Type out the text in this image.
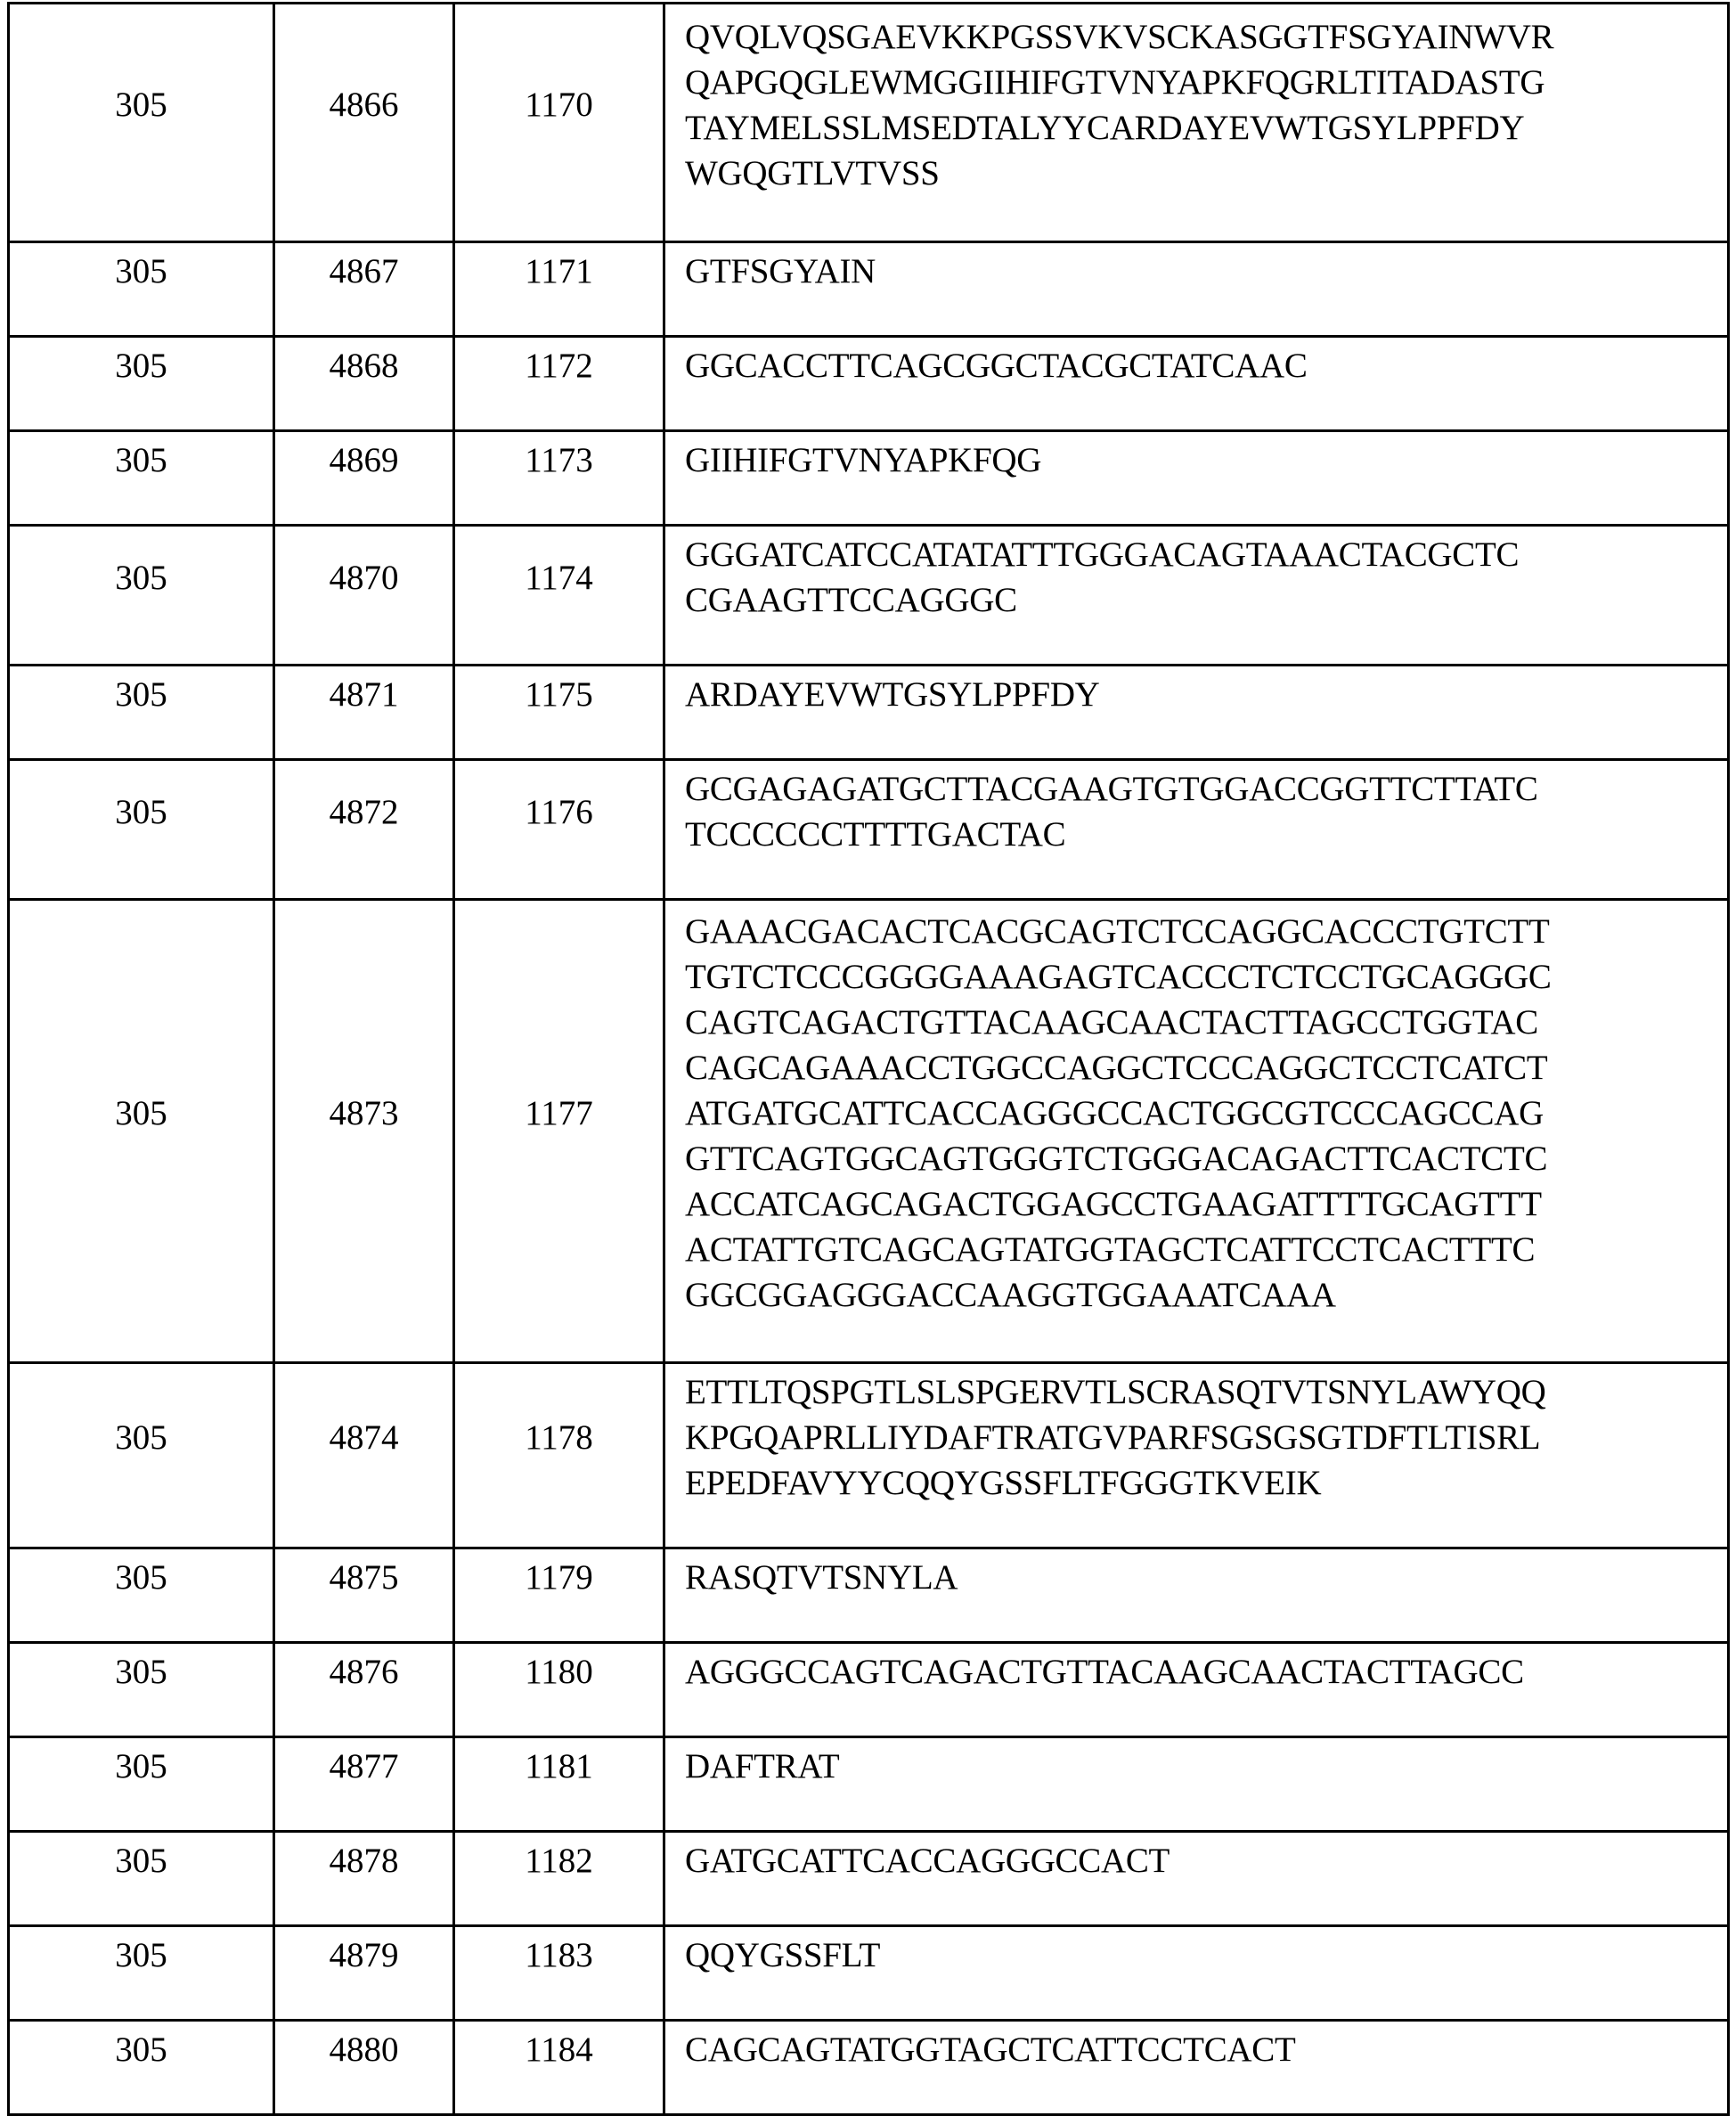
305	4866	1170	
QVQLVQSGAEVKKPGSSVKVSCKASGGTFSGYAINWVR
QAPGQGLEWMGGIIHIFGTVNYAPKFQGRLTITADASTG
TAYMELSSLMSEDTALYYCARDAYEVWTGSYLPPFDY
WGQGTLVTVSS

305	4867	1171	GTFSGYAIN

305	4868	1172	GGCACCTTCAGCGGCTACGCTATCAAC

305	4869	1173	GIIHIFGTVNYAPKFQG

305	4870	1174	
GGGATCATCCATATATTTGGGACAGTAAACTACGCTC
CGAAGTTCCAGGGC

305	4871	1175	ARDAYEVWTGSYLPPFDY

305	4872	1176	
GCGAGAGATGCTTACGAAGTGTGGACCGGTTCTTATC
TCCCCCCTTTTGACTAC

305	4873	1177	
GAAACGACACTCACGCAGTCTCCAGGCACCCTGTCTT
TGTCTCCCGGGGAAAGAGTCACCCTCTCCTGCAGGGC
CAGTCAGACTGTTACAAGCAACTACTTAGCCTGGTAC
CAGCAGAAACCTGGCCAGGCTCCCAGGCTCCTCATCT
ATGATGCATTCACCAGGGCCACTGGCGTCCCAGCCAG
GTTCAGTGGCAGTGGGTCTGGGACAGACTTCACTCTC
ACCATCAGCAGACTGGAGCCTGAAGATTTTGCAGTTT
ACTATTGTCAGCAGTATGGTAGCTCATTCCTCACTTTC
GGCGGAGGGACCAAGGTGGAAATCAAA

305	4874	1178	
ETTLTQSPGTLSLSPGERVTLSCRASQTVTSNYLAWYQQ
KPGQAPRLLIYDAFTRATGVPARFSGSGSGTDFTLTISRL
EPEDFAVYYCQQYGSSFLTFGGGTKVEIK

305	4875	1179	RASQTVTSNYLA

305	4876	1180	AGGGCCAGTCAGACTGTTACAAGCAACTACTTAGCC

305	4877	1181	DAFTRAT

305	4878	1182	GATGCATTCACCAGGGCCACT

305	4879	1183	QQYGSSFLT

305	4880	1184	CAGCAGTATGGTAGCTCATTCCTCACT
